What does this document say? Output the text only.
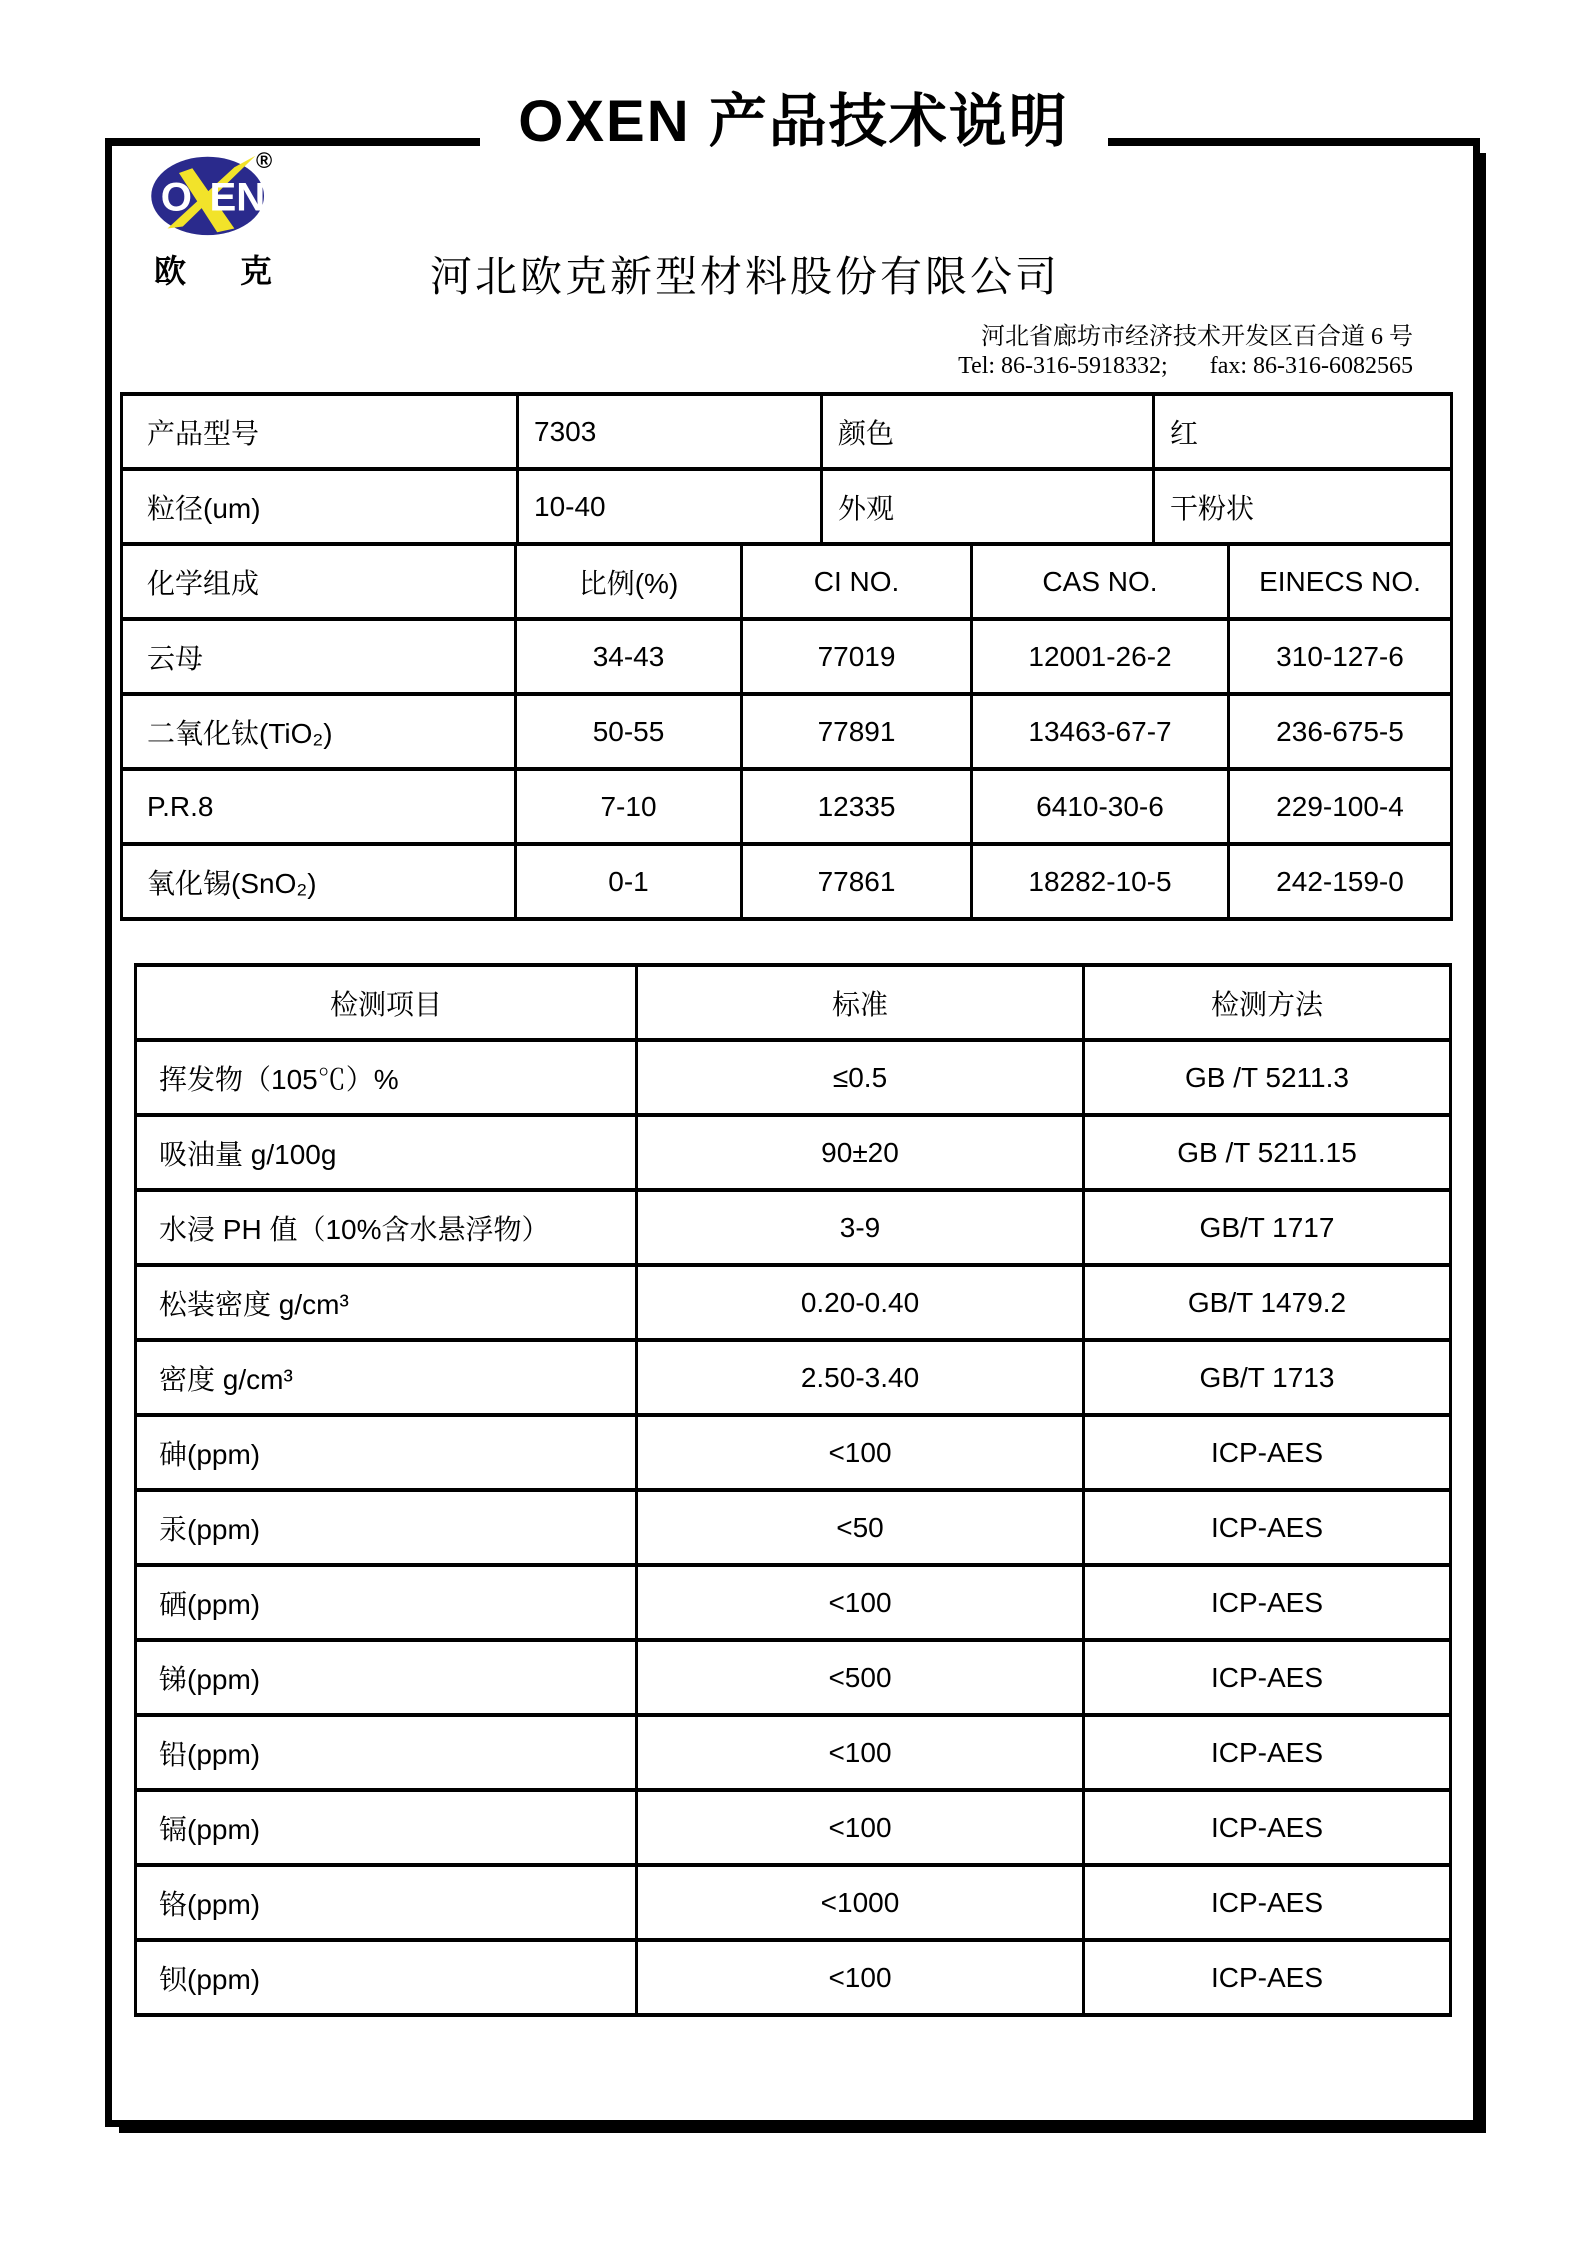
OXEN 产品技术说明
O EN
®
欧 克	河北欧克新型材料股份有限公司
河北省廊坊市经济技术开发区百合道 6 号
Tel: 86-316-5918332; fax: 86-316-6082565
产品型号	7303	颜色	红
粒径(um)	10-40	外观	干粉状
化学组成	比例(%)	CI NO.	CAS NO.	EINECS NO.
云母	34-43	77019	12001-26-2	310-127-6
二氧化钛(TiO₂)	50-55	77891	13463-67-7	236-675-5
P.R.8	7-10	12335	6410-30-6	229-100-4
氧化锡(SnO₂)	0-1	77861	18282-10-5	242-159-0
检测项目	标准	检测方法
挥发物（105℃）%	≤0.5	GB /T 5211.3
吸油量 g/100g	90±20	GB /T 5211.15
水浸 PH 值（10%含水悬浮物）	3-9	GB/T 1717
松装密度 g/cm³	0.20-0.40	GB/T 1479.2
密度 g/cm³	2.50-3.40	GB/T 1713
砷(ppm)	<100	ICP-AES
汞(ppm)	<50	ICP-AES
硒(ppm)	<100	ICP-AES
锑(ppm)	<500	ICP-AES
铅(ppm)	<100	ICP-AES
镉(ppm)	<100	ICP-AES
铬(ppm)	<1000	ICP-AES
钡(ppm)	<100	ICP-AES
